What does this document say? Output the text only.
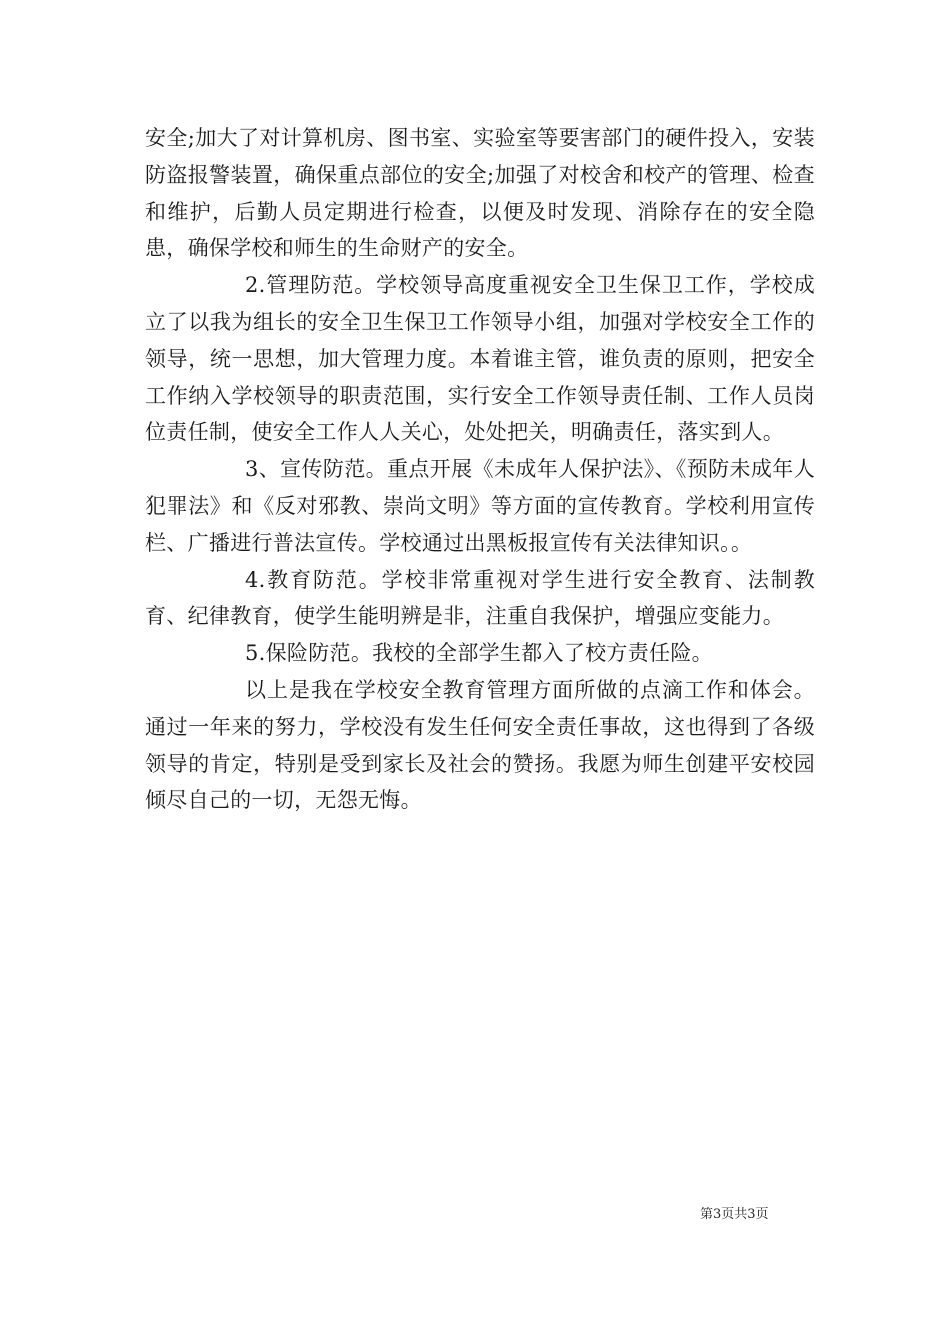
安全;加大了对计算机房、图书室、实验室等要害部门的硬件投入，安装防盗报警装置，确保重点部位的安全;加强了对校舍和校产的管理、检查和维护，后勤人员定期进行检查，以便及时发现、消除存在的安全隐患，确保学校和师生的生命财产的安全。

2.管理防范。学校领导高度重视安全卫生保卫工作，学校成立了以我为组长的安全卫生保卫工作领导小组，加强对学校安全工作的领导，统一思想，加大管理力度。本着谁主管，谁负责的原则，把安全工作纳入学校领导的职责范围，实行安全工作领导责任制、工作人员岗位责任制，使安全工作人人关心，处处把关，明确责任，落实到人。

3、宣传防范。重点开展《未成年人保护法》、《预防未成年人犯罪法》和《反对邪教、崇尚文明》等方面的宣传教育。学校利用宣传栏、广播进行普法宣传。学校通过出黑板报宣传有关法律知识。。

4.教育防范。学校非常重视对学生进行安全教育、法制教育、纪律教育，使学生能明辨是非，注重自我保护，增强应变能力。

5.保险防范。我校的全部学生都入了校方责任险。

以上是我在学校安全教育管理方面所做的点滴工作和体会。通过一年来的努力，学校没有发生任何安全责任事故，这也得到了各级领导的肯定，特别是受到家长及社会的赞扬。我愿为师生创建平安校园倾尽自己的一切，无怨无悔。

第3页共3页
